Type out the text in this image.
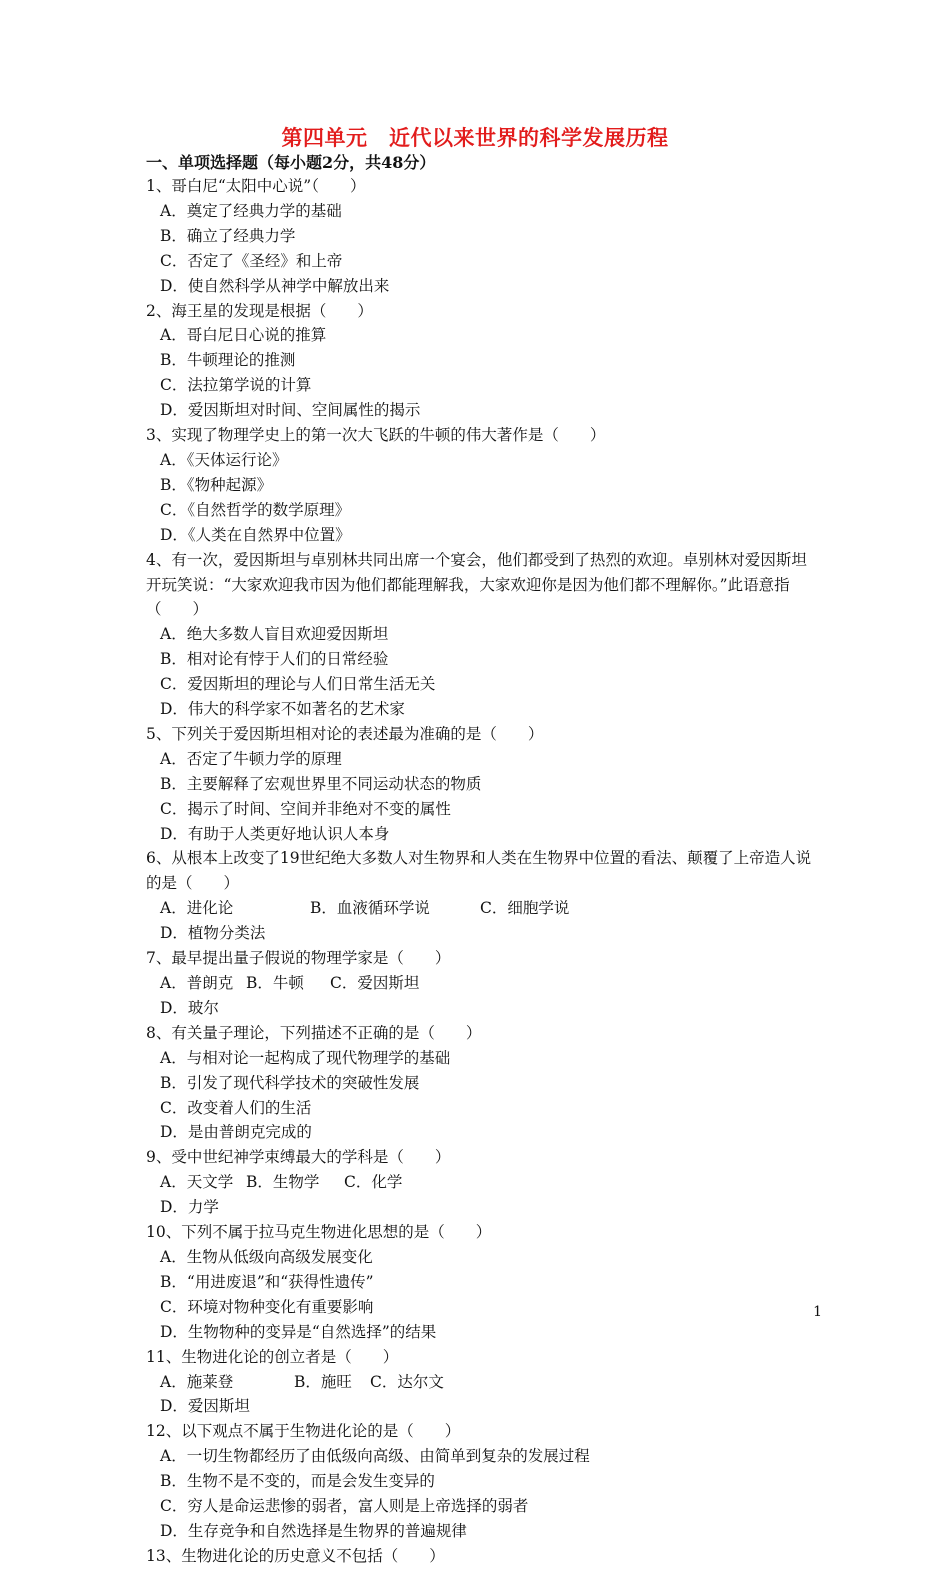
第四单元　近代以来世界的科学发展历程
一、单项选择题（每小题2分，共48分）
1、哥白尼“太阳中心说”（　　）
A．奠定了经典力学的基础
B．确立了经典力学
C．否定了《圣经》和上帝
D．使自然科学从神学中解放出来
2、海王星的发现是根据（　　）
A．哥白尼日心说的推算
B．牛顿理论的推测
C．法拉第学说的计算
D．爱因斯坦对时间、空间属性的揭示
3、实现了物理学史上的第一次大飞跃的牛顿的伟大著作是（　　）
A．《天体运行论》
B．《物种起源》
C．《自然哲学的数学原理》
D．《人类在自然界中位置》
4、有一次，爱因斯坦与卓别林共同出席一个宴会，他们都受到了热烈的欢迎。卓别林对爱因斯坦开玩笑说：“大家欢迎我市因为他们都能理解我，大家欢迎你是因为他们都不理解你。”此语意指（　　）
A．绝大多数人盲目欢迎爱因斯坦
B．相对论有悖于人们的日常经验
C．爱因斯坦的理论与人们日常生活无关
D．伟大的科学家不如著名的艺术家
5、下列关于爱因斯坦相对论的表述最为准确的是（　　）
A．否定了牛顿力学的原理
B．主要解释了宏观世界里不同运动状态的物质
C．揭示了时间、空间并非绝对不变的属性
D．有助于人类更好地认识人本身
6、从根本上改变了19世纪绝大多数人对生物界和人类在生物界中位置的看法、颠覆了上帝造人说的是（　　）
A．进化论	B．血液循环学说	C．细胞学说
D．植物分类法
7、最早提出量子假说的物理学家是（　　）
A．普朗克 B．牛顿	C．爱因斯坦
D．玻尔
8、有关量子理论，下列描述不正确的是（　　）
A．与相对论一起构成了现代物理学的基础
B．引发了现代科学技术的突破性发展
C．改变着人们的生活
D．是由普朗克完成的
9、受中世纪神学束缚最大的学科是（　　）
A．天文学 B．生物学	C．化学
D．力学
10、下列不属于拉马克生物进化思想的是（　　）
A．生物从低级向高级发展变化
B．“用进废退”和“获得性遗传”
C．环境对物种变化有重要影响
D．生物物种的变异是“自然选择”的结果
11、生物进化论的创立者是（　　）
A．施莱登	B．施旺	C．达尔文
D．爱因斯坦
12、以下观点不属于生物进化论的是（　　）
A．一切生物都经历了由低级向高级、由简单到复杂的发展过程
B．生物不是不变的，而是会发生变异的
C．穷人是命运悲惨的弱者，富人则是上帝选择的弱者
D．生存竞争和自然选择是生物界的普遍规律
13、生物进化论的历史意义不包括（　　）
1
